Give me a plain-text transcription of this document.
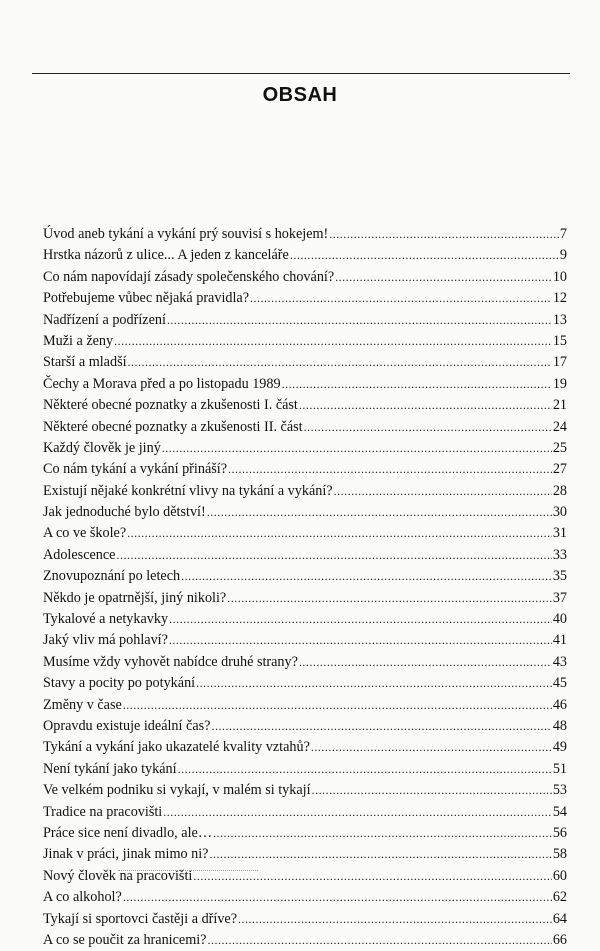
OBSAH
Úvod aneb tykání a vykání prý souvisí s hokejem! .....	7
Hrstka názorů z ulice... A jeden z kanceláře .....	9
Co nám napovídají zásady společenského chování? .....	10
Potřebujeme vůbec nějaká pravidla? .....	12
Nadřízení a podřízení .....	13
Muži a ženy .....	15
Starší a mladší .....	17
Čechy a Morava před a po listopadu 1989 .....	19
Některé obecné poznatky a zkušenosti I. část .....	21
Některé obecné poznatky a zkušenosti II. část .....	24
Každý člověk je jiný .....	25
Co nám tykání a vykání přináší? .....	27
Existují nějaké konkrétní vlivy na tykání a vykání? .....	28
Jak jednoduché bylo dětství! .....	30
A co ve škole? .....	31
Adolescence .....	33
Znovupoznání po letech .....	35
Někdo je opatrnější, jiný nikoli? .....	37
Tykalové a netykavky .....	40
Jaký vliv má pohlaví? .....	41
Musíme vždy vyhovět nabídce druhé strany? .....	43
Stavy a pocity po potykání .....	45
Změny v čase .....	46
Opravdu existuje ideální čas? .....	48
Tykání a vykání jako ukazatelé kvality vztahů? .....	49
Není tykání jako tykání .....	51
Ve velkém podniku si vykají, v malém si tykají .....	53
Tradice na pracovišti .....	54
Práce sice není divadlo, ale… .....	56
Jinak v práci, jinak mimo ni? .....	58
Nový člověk na pracovišti .....	60
A co alkohol? .....	62
Tykají si sportovci častěji a dříve? .....	64
A co se poučit za hranicemi? .....	66
